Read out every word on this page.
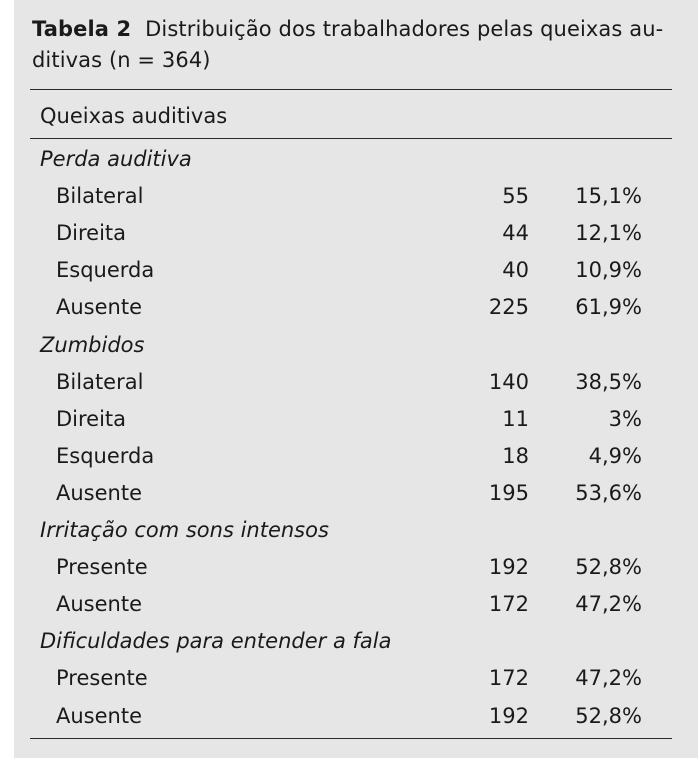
Tabela 2 Distribuição dos trabalhadores pelas queixas au-
ditivas (n = 364)
Queixas auditivas
Perda auditiva
Bilateral	55 15,1%
Direita	44 12,1%
Esquerda	40 10,9%
Ausente	225 61,9%
Zumbidos
Bilateral	140 38,5%
Direita	11	3%
Esquerda	18	4,9%
Ausente	195 53,6%
Irritação com sons intensos
Presente	192 52,8%
Ausente	172 47,2%
Dificuldades para entender a fala
Presente	172 47,2%
Ausente	192 52,8%
